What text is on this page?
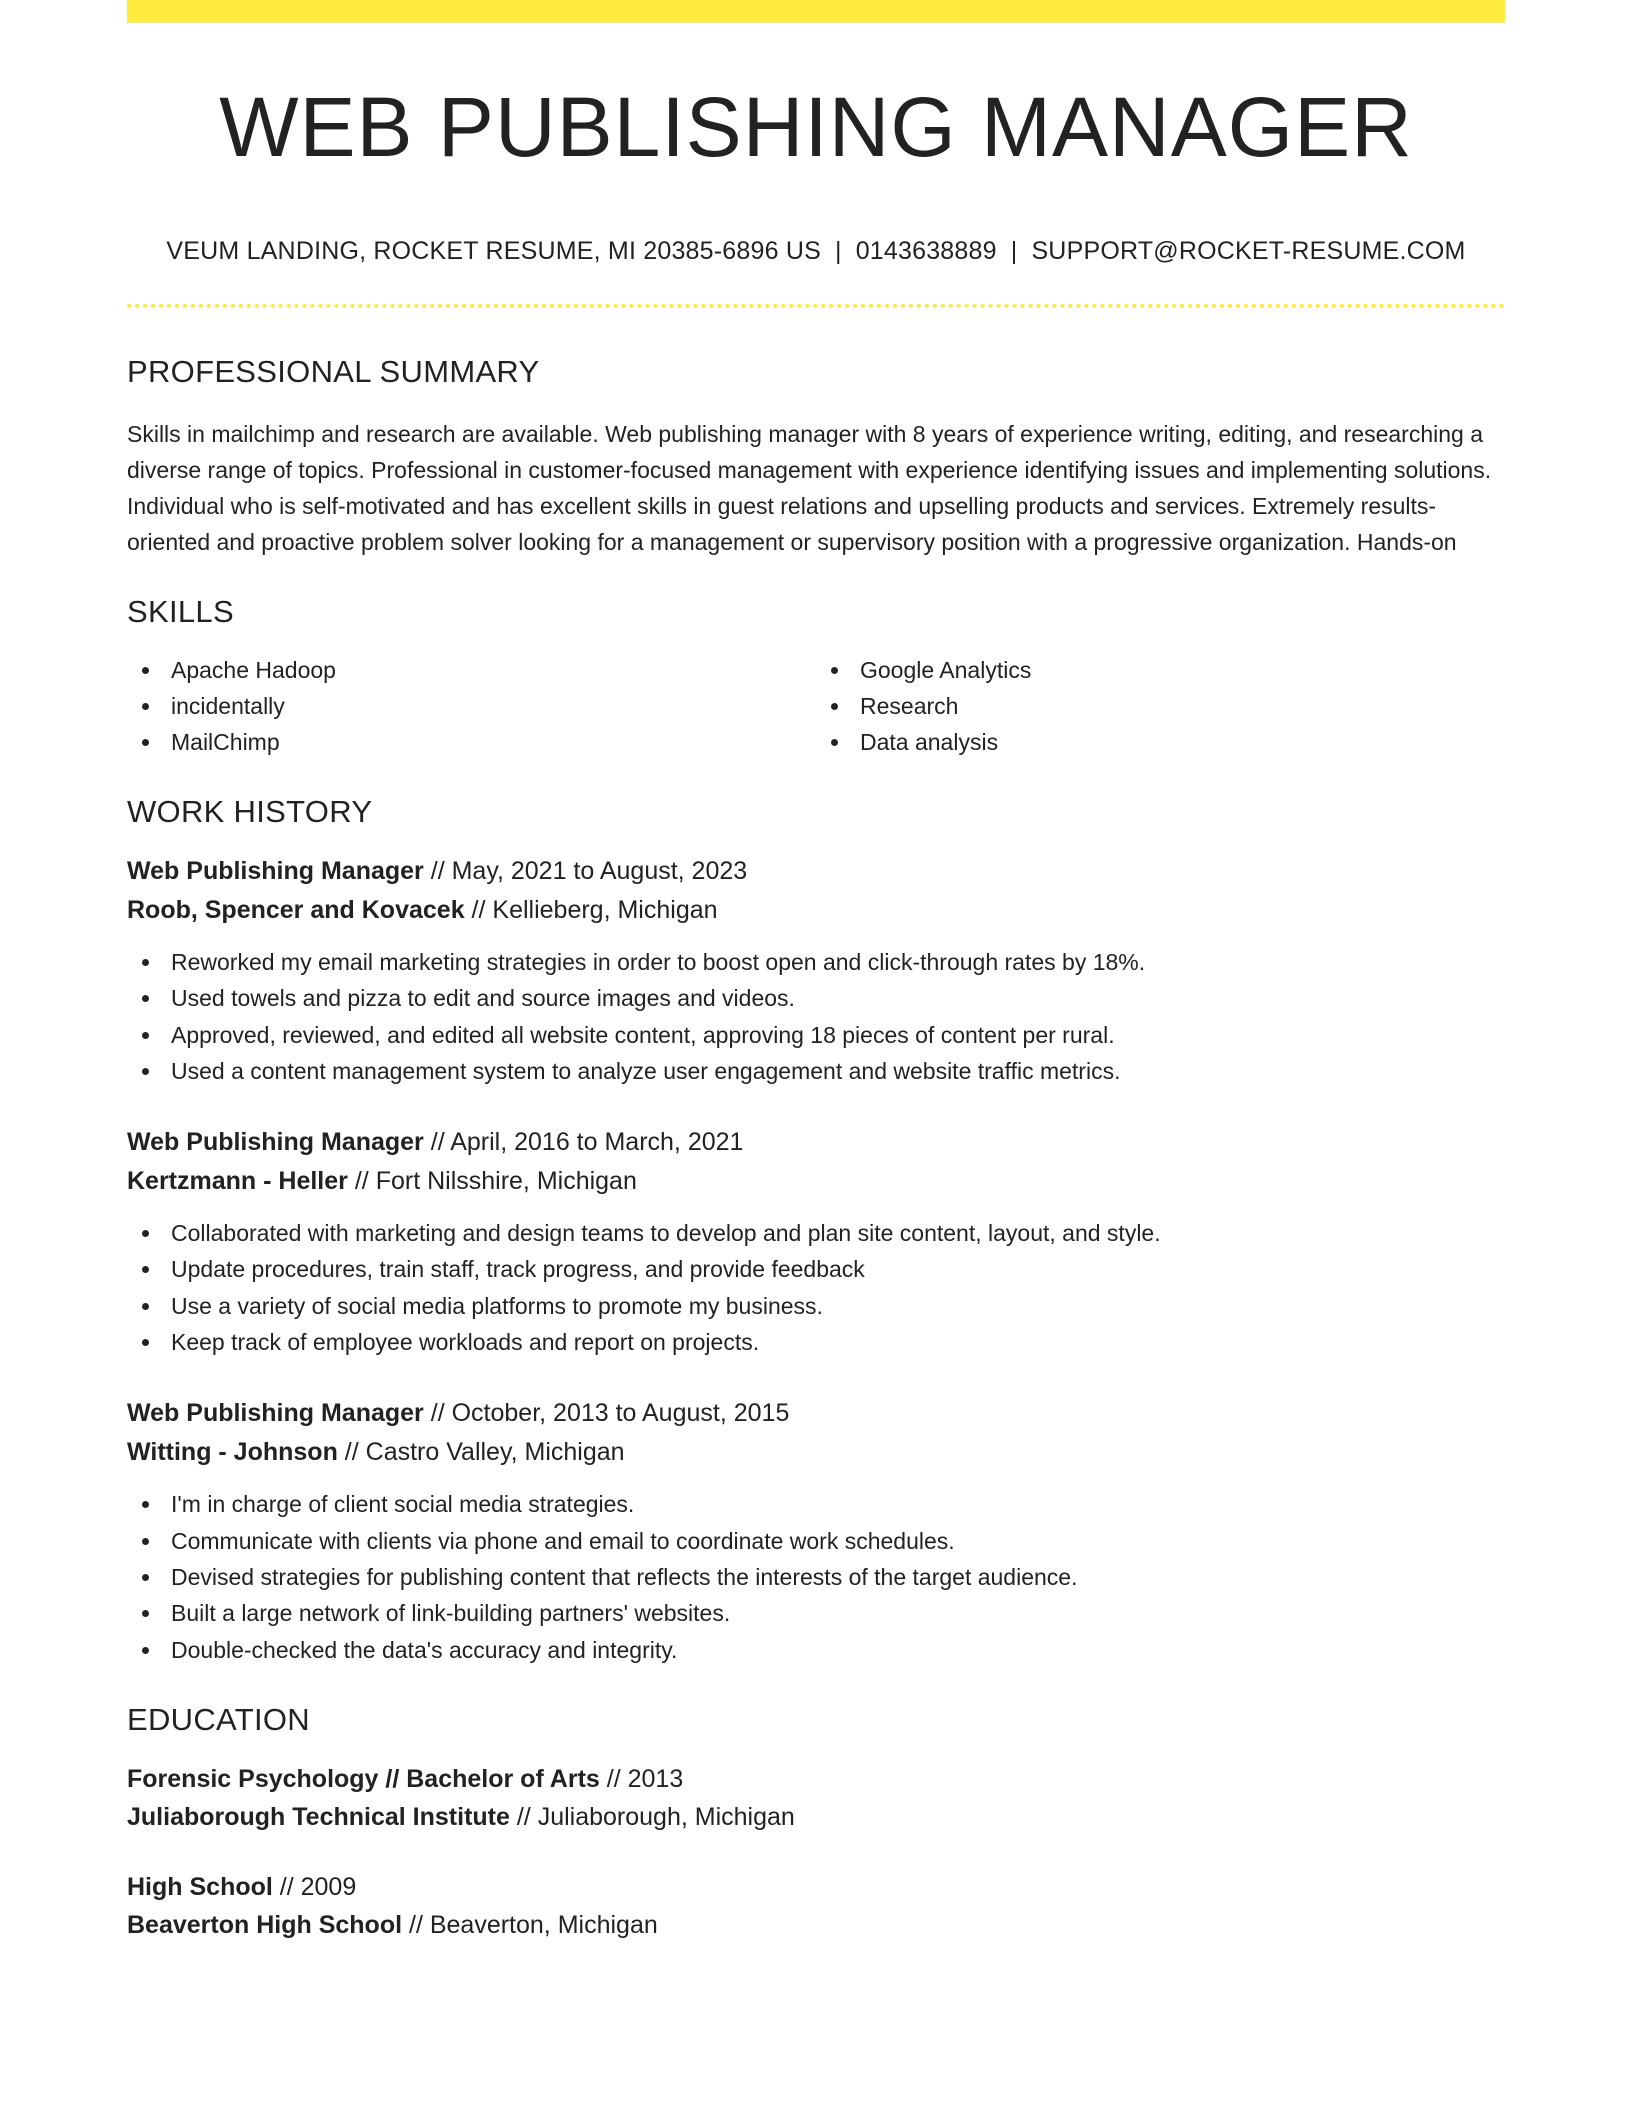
WEB PUBLISHING MANAGER
VEUM LANDING, ROCKET RESUME, MI 20385-6896 US | 0143638889 | SUPPORT@ROCKET-RESUME.COM
PROFESSIONAL SUMMARY

Skills in mailchimp and research are available. Web publishing manager with 8 years of experience writing, editing, and researching a diverse range of topics. Professional in customer-focused management with experience identifying issues and implementing solutions. Individual who is self-motivated and has excellent skills in guest relations and upselling products and services. Extremely results-oriented and proactive problem solver looking for a management or supervisory position with a progressive organization. Hands-on

SKILLS
Apache Hadoop
incidentally
MailChimp
Google Analytics
Research
Data analysis
WORK HISTORY
Web Publishing Manager // May, 2021 to August, 2023
Roob, Spencer and Kovacek // Kellieberg, Michigan
Reworked my email marketing strategies in order to boost open and click-through rates by 18%.
Used towels and pizza to edit and source images and videos.
Approved, reviewed, and edited all website content, approving 18 pieces of content per rural.
Used a content management system to analyze user engagement and website traffic metrics.
Web Publishing Manager // April, 2016 to March, 2021
Kertzmann - Heller // Fort Nilsshire, Michigan
Collaborated with marketing and design teams to develop and plan site content, layout, and style.
Update procedures, train staff, track progress, and provide feedback
Use a variety of social media platforms to promote my business.
Keep track of employee workloads and report on projects.
Web Publishing Manager // October, 2013 to August, 2015
Witting - Johnson // Castro Valley, Michigan
I'm in charge of client social media strategies.
Communicate with clients via phone and email to coordinate work schedules.
Devised strategies for publishing content that reflects the interests of the target audience.
Built a large network of link-building partners' websites.
Double-checked the data's accuracy and integrity.
EDUCATION
Forensic Psychology // Bachelor of Arts // 2013
Juliaborough Technical Institute // Juliaborough, Michigan
High School // 2009
Beaverton High School // Beaverton, Michigan
